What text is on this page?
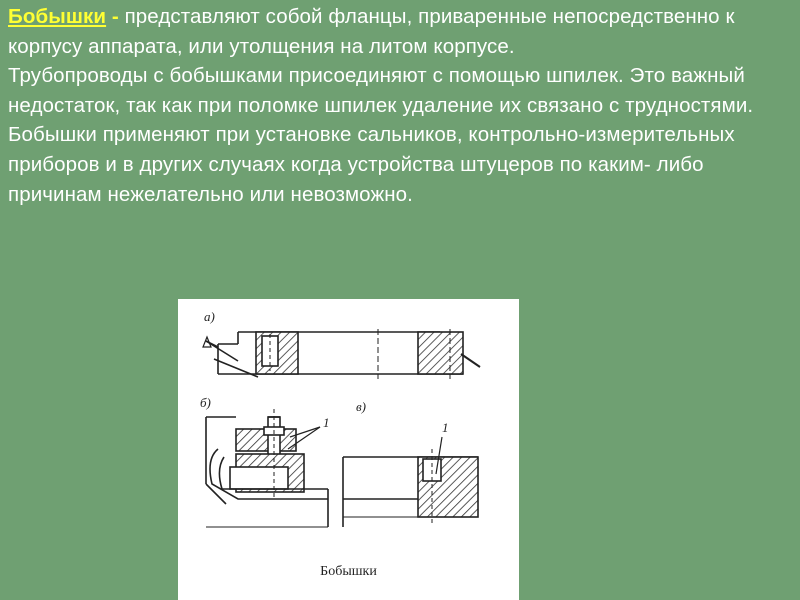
Бобышки - представляют собой фланцы, приваренные непосредственно к корпусу аппарата, или утолщения на литом корпусе.
Трубопроводы с бобышками присоединяют с помощью шпилек. Это важный недостаток, так как при поломке шпилек удаление их связано с трудностями.
Бобышки применяют при установке сальников, контрольно-измерительных приборов и в других случаях когда устройства штуцеров по каким- либо причинам нежелательно или невозможно.
а)
б)
1
в)
1
Бобышки
